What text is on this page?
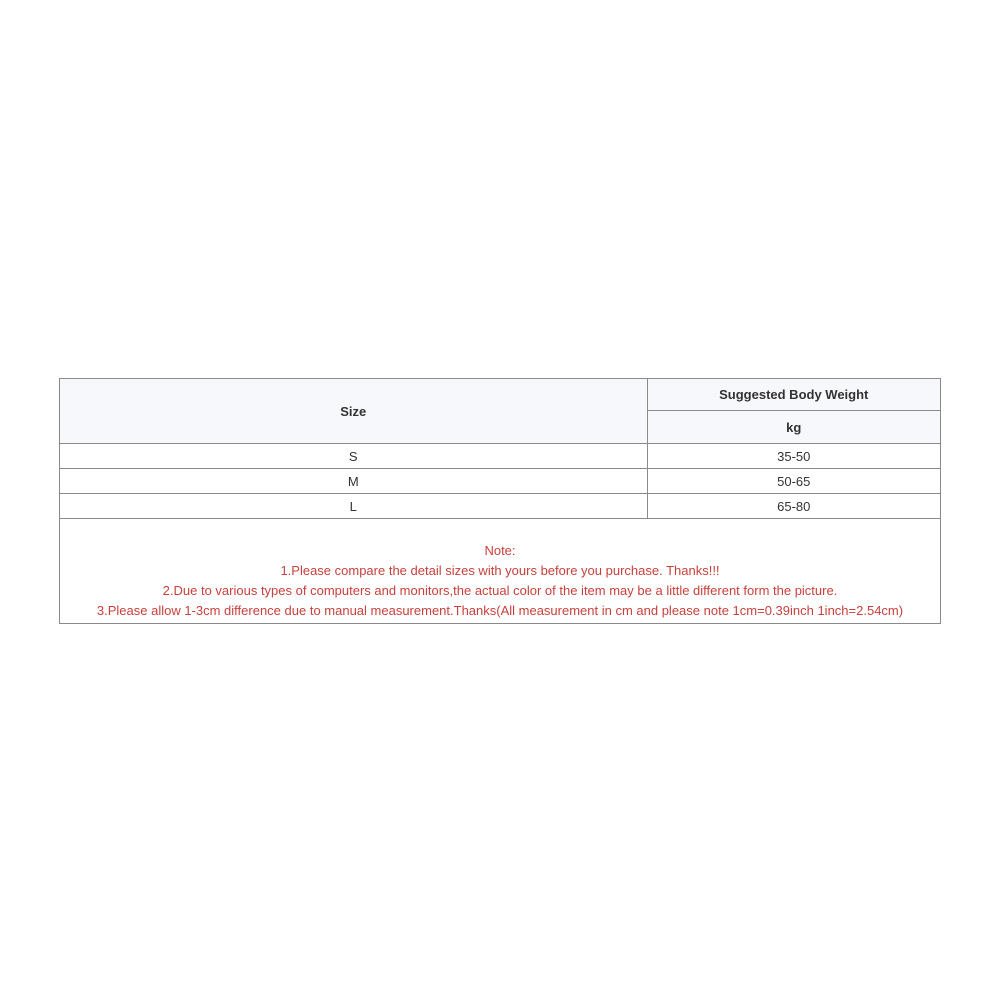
Size	Suggested Body Weight
	kg
S	35-50
M	50-65
L	65-80
Note:
1.Please compare the detail sizes with yours before you purchase. Thanks!!!
2.Due to various types of computers and monitors,the actual color of the item may be a little different form the picture.
3.Please allow 1-3cm difference due to manual measurement.Thanks(All measurement in cm and please note 1cm=0.39inch 1inch=2.54cm)
